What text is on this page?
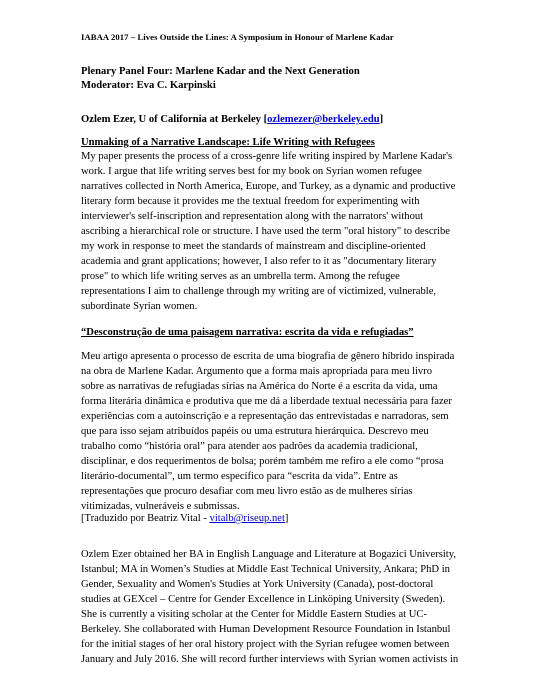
IABAA 2017 – Lives Outside the Lines: A Symposium in Honour of Marlene Kadar
Plenary Panel Four: Marlene Kadar and the Next Generation
Moderator: Eva C. Karpinski
Ozlem Ezer, U of California at Berkeley [ozlemezer@berkeley.edu]
Unmaking of a Narrative Landscape: Life Writing with Refugees
My paper presents the process of a cross-genre life writing inspired by Marlene Kadar's
work. I argue that life writing serves best for my book on Syrian women refugee
narratives collected in North America, Europe, and Turkey, as a dynamic and productive
literary form because it provides me the textual freedom for experimenting with
interviewer's self-inscription and representation along with the narrators' without
ascribing a hierarchical role or structure. I have used the term "oral history" to describe
my work in response to meet the standards of mainstream and discipline-oriented
academia and grant applications; however, I also refer to it as "documentary literary
prose" to which life writing serves as an umbrella term. Among the refugee
representations I aim to challenge through my writing are of victimized, vulnerable,
subordinate Syrian women.
“Desconstrução de uma paisagem narrativa: escrita da vida e refugiadas”
Meu artigo apresenta o processo de escrita de uma biografia de gênero híbrido inspirada
na obra de Marlene Kadar. Argumento que a forma mais apropriada para meu livro
sobre as narrativas de refugiadas sírias na América do Norte é a escrita da vida, uma
forma literária dinâmica e produtiva que me dá a liberdade textual necessária para fazer
experiências com a autoinscrição e a representação das entrevistadas e narradoras, sem
que para isso sejam atribuídos papéis ou uma estrutura hierárquica. Descrevo meu
trabalho como “história oral” para atender aos padrões da academia tradicional,
disciplinar, e dos requerimentos de bolsa; porém também me refiro a ele como “prosa
literário-documental”, um termo específico para “escrita da vida”. Entre as
representações que procuro desafiar com meu livro estão as de mulheres sírias
vitimizadas, vulneráveis e submissas.
[Traduzido por Beatriz Vital - vitalb@riseup.net]
Ozlem Ezer obtained her BA in English Language and Literature at Bogazici University,
Istanbul; MA in Women’s Studies at Middle East Technical University, Ankara; PhD in
Gender, Sexuality and Women's Studies at York University (Canada), post-doctoral
studies at GEXcel – Centre for Gender Excellence in Linköping University (Sweden).
She is currently a visiting scholar at the Center for Middle Eastern Studies at UC-
Berkeley. She collaborated with Human Development Resource Foundation in Istanbul
for the initial stages of her oral history project with the Syrian refugee women between
January and July 2016. She will record further interviews with Syrian women activists in
